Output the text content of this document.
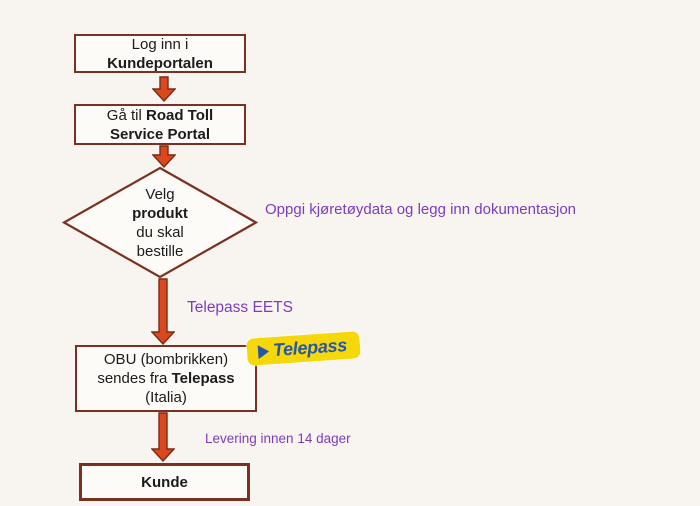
Log inn i
Kundeportalen
Gå til Road Toll
Service Portal
Velg
produkt
du skal
bestille
Oppgi kjøretøydata og legg inn dokumentasjon
Telepass EETS
OBU (bombrikken)
sendes fra Telepass
(Italia)
Telepass
Levering innen 14 dager
Kunde
